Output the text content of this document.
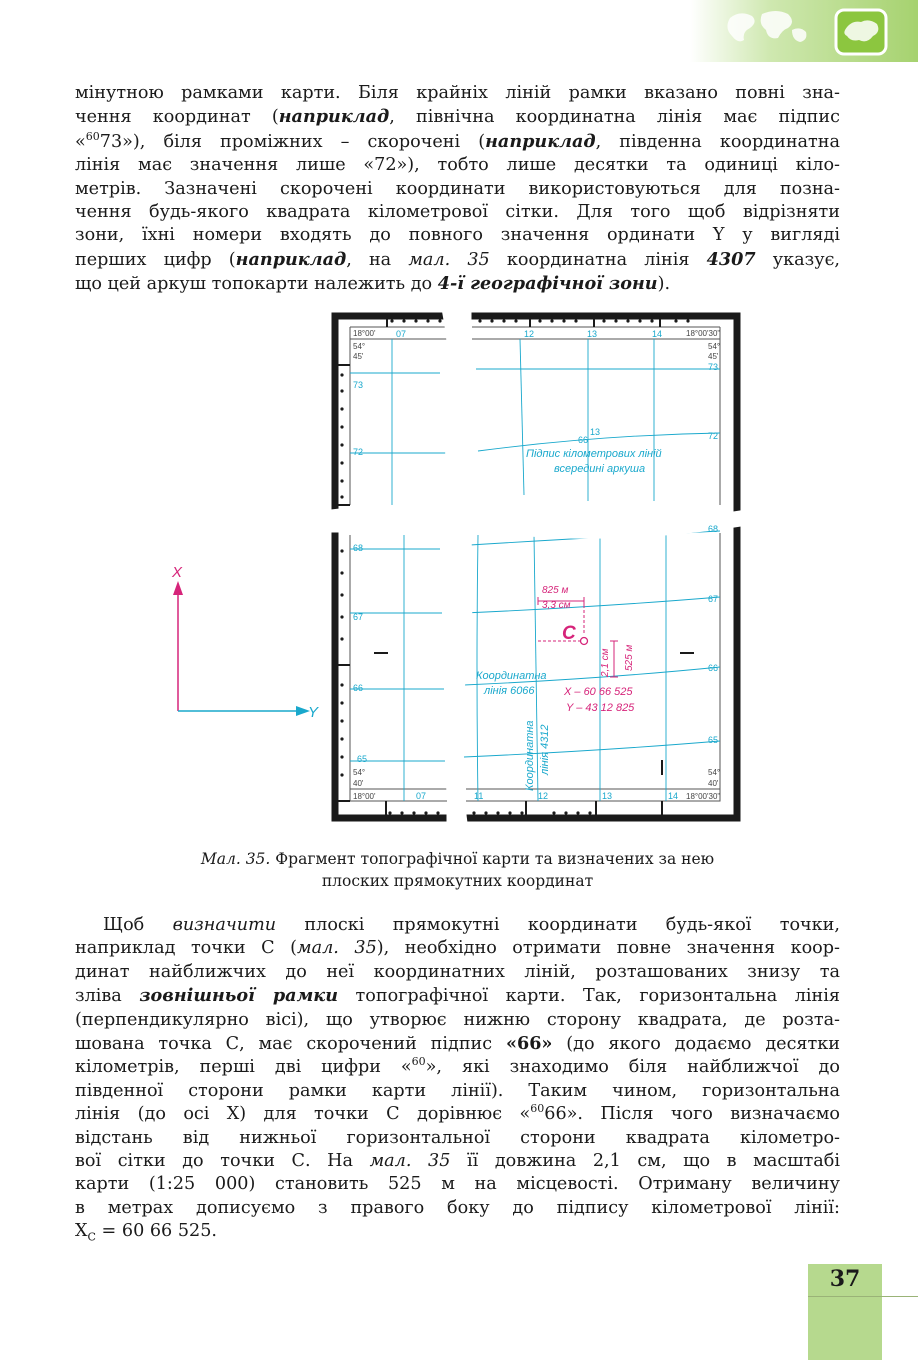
мінутною рамками карти. Біля крайніх ліній рамки вказано повні зна-
чення координат (наприклад, північна координатна лінія має підпис
«$^{60}$73»), біля проміжних – скорочені (наприклад, південна координатна
лінія має значення лише «72»), тобто лише десятки та одиниці кіло-
метрів. Зазначені скорочені координати використовуються для позна-
чення будь-якого квадрата кілометрової сітки. Для того щоб відрізняти
зони, їхні номери входять до повного значення ординати Y у вигляді
перших цифр (наприклад, на мал. 35 координатна лінія 4307 указує,
що цей аркуш топокарти належить до 4-ї географічної зони).
18°00'
54°
45'
54°
40'
18°00'30"
54°
45'
54°
40'
18°00'	18°00'30"
07	12	13	14
73
72
68
67
66
65
73
72
68
67
66
65
07	11	12	13	14
13
66
Підпис кілометрових ліній
всередині аркуша
Координатна
лінія 6066
Координатна лінія 4312
825 м
3,3 см
2,1 см 525 м
C
X – 60 66 525
Y – 43 12 825
X
Y
Мал. 35. Фрагмент топографічної карти та визначених за нею
плоских прямокутних координат
Щоб визначити плоскі прямокутні координати будь-якої точки,
наприклад точки С (мал. 35), необхідно отримати повне значення коор-
динат найближчих до неї координатних ліній, розташованих знизу та
зліва зовнішньої рамки топографічної карти. Так, горизонтальна лінія
(перпендикулярно вісі), що утворює нижню сторону квадрата, де розта-
шована точка С, має скорочений підпис «66» (до якого додаємо десятки
кілометрів, перші дві цифри «$^{60}$», які знаходимо біля найближчої до
південної сторони рамки карти лінії). Таким чином, горизонтальна
лінія (до осі X) для точки С дорівнює «$^{60}$66». Після чого визначаємо
відстань від нижньої горизонтальної сторони квадрата кілометро-
вої сітки до точки С. На мал. 35 її довжина 2,1 см, що в масштабі
карти (1:25 000) становить 525 м на місцевості. Отриману величину
в метрах дописуємо з правого боку до підпису кілометрової лінії:
$X_C = 60$ 66 525.
37
